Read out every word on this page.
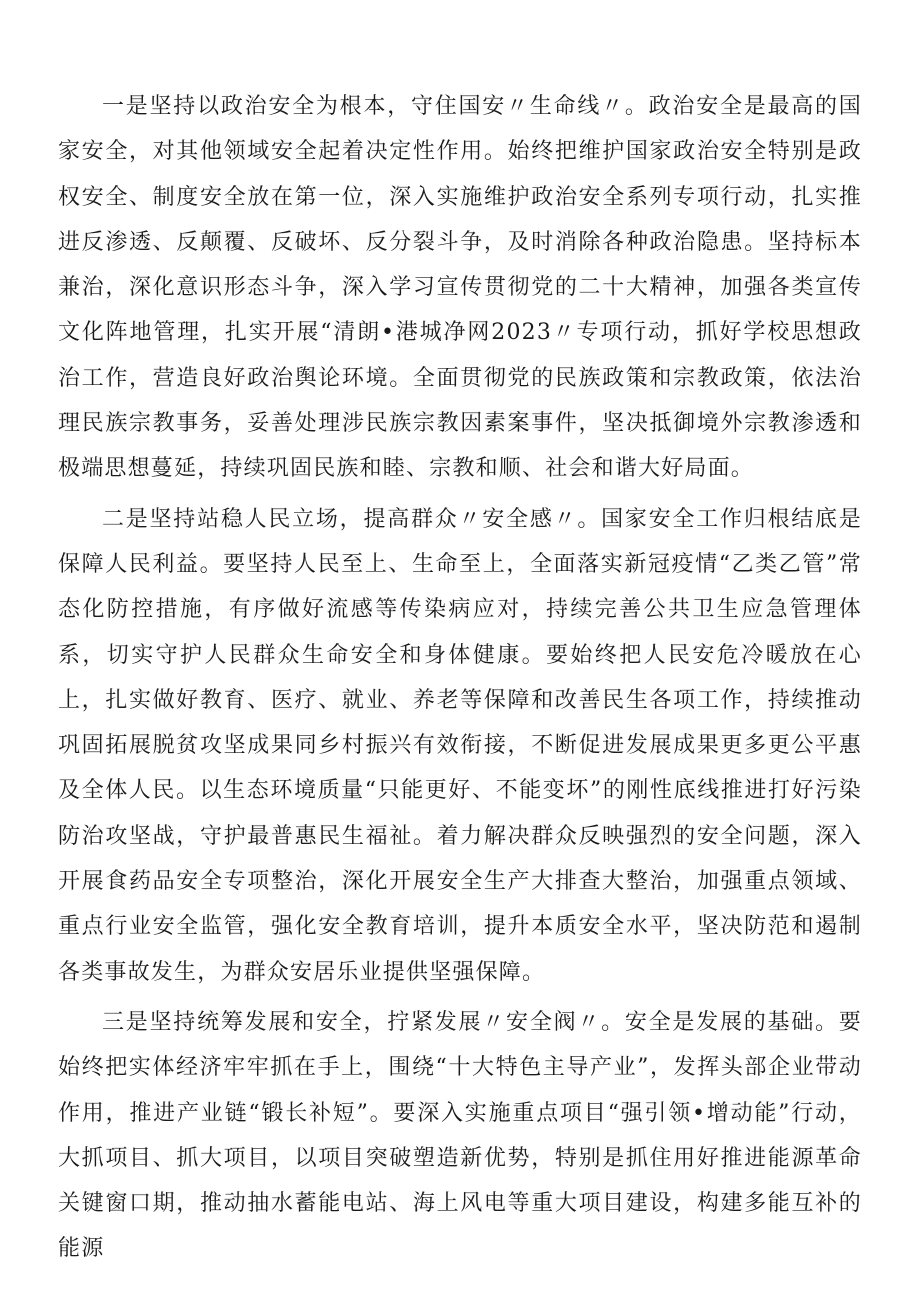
一是坚持以政治安全为根本，守住国安〃生命线〃。政治安全是最高的国家安全，对其他领域安全起着决定性作用。始终把维护国家政治安全特别是政权安全、制度安全放在第一位，深入实施维护政治安全系列专项行动，扎实推进反渗透、反颠覆、反破坏、反分裂斗争，及时消除各种政治隐患。坚持标本兼治，深化意识形态斗争，深入学习宣传贯彻党的二十大精神，加强各类宣传文化阵地管理，扎实开展“清朗•港城净网2023〃专项行动，抓好学校思想政治工作，营造良好政治舆论环境。全面贯彻党的民族政策和宗教政策，依法治理民族宗教事务，妥善处理涉民族宗教因素案事件，坚决抵御境外宗教渗透和极端思想蔓延，持续巩固民族和睦、宗教和顺、社会和谐大好局面。

二是坚持站稳人民立场，提高群众〃安全感〃。国家安全工作归根结底是保障人民利益。要坚持人民至上、生命至上，全面落实新冠疫情“乙类乙管”常态化防控措施，有序做好流感等传染病应对，持续完善公共卫生应急管理体系，切实守护人民群众生命安全和身体健康。要始终把人民安危冷暖放在心上，扎实做好教育、医疗、就业、养老等保障和改善民生各项工作，持续推动巩固拓展脱贫攻坚成果同乡村振兴有效衔接，不断促进发展成果更多更公平惠及全体人民。以生态环境质量“只能更好、不能变坏”的刚性底线推进打好污染防治攻坚战，守护最普惠民生福祉。着力解决群众反映强烈的安全问题，深入开展食药品安全专项整治，深化开展安全生产大排查大整治，加强重点领域、重点行业安全监管，强化安全教育培训，提升本质安全水平，坚决防范和遏制各类事故发生，为群众安居乐业提供坚强保障。

三是坚持统筹发展和安全，拧紧发展〃安全阀〃。安全是发展的基础。要始终把实体经济牢牢抓在手上，围绕“十大特色主导产业”，发挥头部企业带动作用，推进产业链“锻长补短”。要深入实施重点项目“强引领•增动能”行动，大抓项目、抓大项目，以项目突破塑造新优势，特别是抓住用好推进能源革命关键窗口期，推动抽水蓄能电站、海上风电等重大项目建设，构建多能互补的能源
